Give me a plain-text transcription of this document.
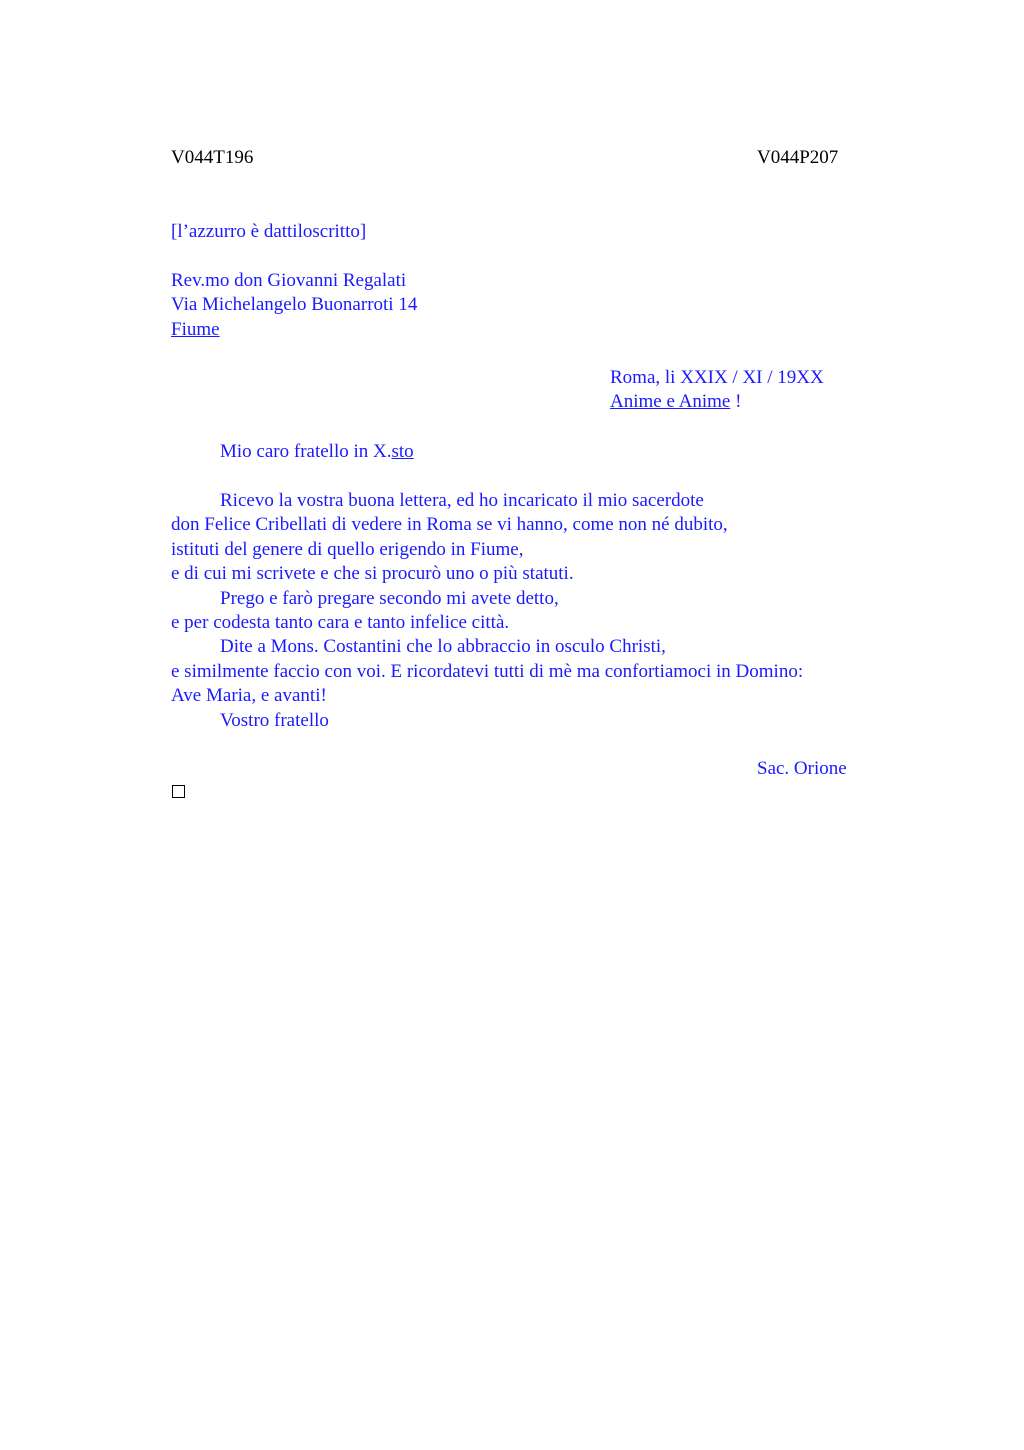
V044T196	V044P207
[l’azzurro è dattiloscritto]
Rev.mo don Giovanni Regalati
Via Michelangelo Buonarroti 14
Fiume
Roma, li XXIX / XI / 19XX
Anime e Anime !
Mio caro fratello in X.sto
Ricevo la vostra buona lettera, ed ho incaricato il mio sacerdote
don Felice Cribellati di vedere in Roma se vi hanno, come non né dubito,
istituti del genere di quello erigendo in Fiume,
e di cui mi scrivete e che si procurò uno o più statuti.
Prego e farò pregare secondo mi avete detto,
e per codesta tanto cara e tanto infelice città.
Dite a Mons. Costantini che lo abbraccio in osculo Christi,
e similmente faccio con voi. E ricordatevi tutti di mè ma confortiamoci in Domino:
Ave Maria, e avanti!
Vostro fratello
Sac. Orione
